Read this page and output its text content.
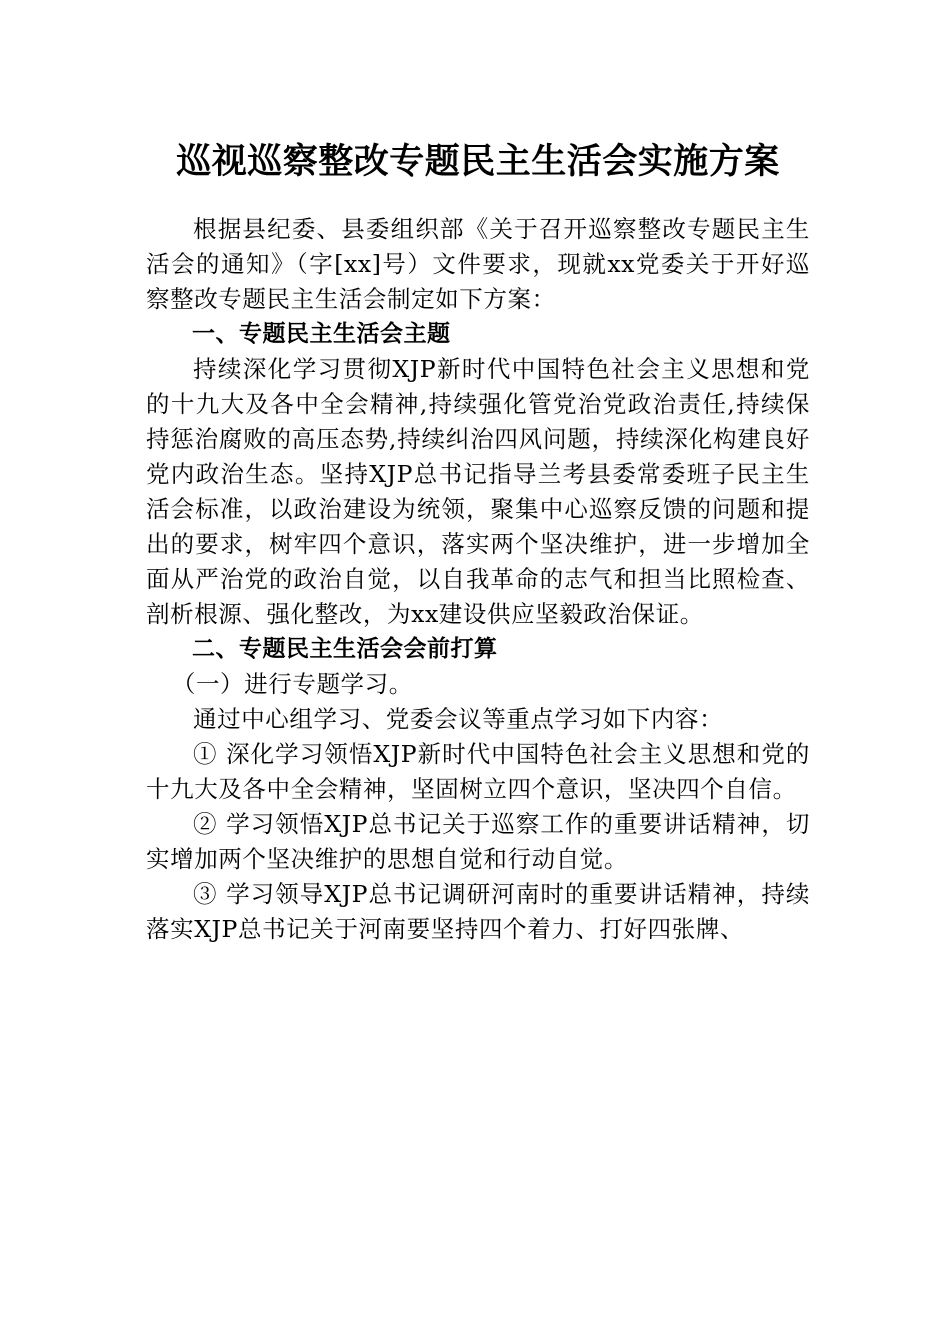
巡视巡察整改专题民主生活会实施方案

根据县纪委、县委组织部《关于召开巡察整改专题民主生活会的通知》（字[xx]号）文件要求，现就xx党委关于开好巡察整改专题民主生活会制定如下方案：

一、专题民主生活会主题

持续深化学习贯彻XJP新时代中国特色社会主义思想和党的十九大及各中全会精神,持续强化管党治党政治责任,持续保持惩治腐败的高压态势,持续纠治四风问题，持续深化构建良好党内政治生态。坚持XJP总书记指导兰考县委常委班子民主生活会标准，以政治建设为统领，聚集中心巡察反馈的问题和提出的要求，树牢四个意识，落实两个坚决维护，进一步增加全面从严治党的政治自觉，以自我革命的志气和担当比照检查、剖析根源、强化整改，为xx建设供应坚毅政治保证。

二、专题民主生活会会前打算

（一）进行专题学习。

通过中心组学习、党委会议等重点学习如下内容：

① 深化学习领悟XJP新时代中国特色社会主义思想和党的十九大及各中全会精神，坚固树立四个意识，坚决四个自信。

② 学习领悟XJP总书记关于巡察工作的重要讲话精神，切实增加两个坚决维护的思想自觉和行动自觉。

③ 学习领导XJP总书记调研河南时的重要讲话精神，持续落实XJP总书记关于河南要坚持四个着力、打好四张牌、
